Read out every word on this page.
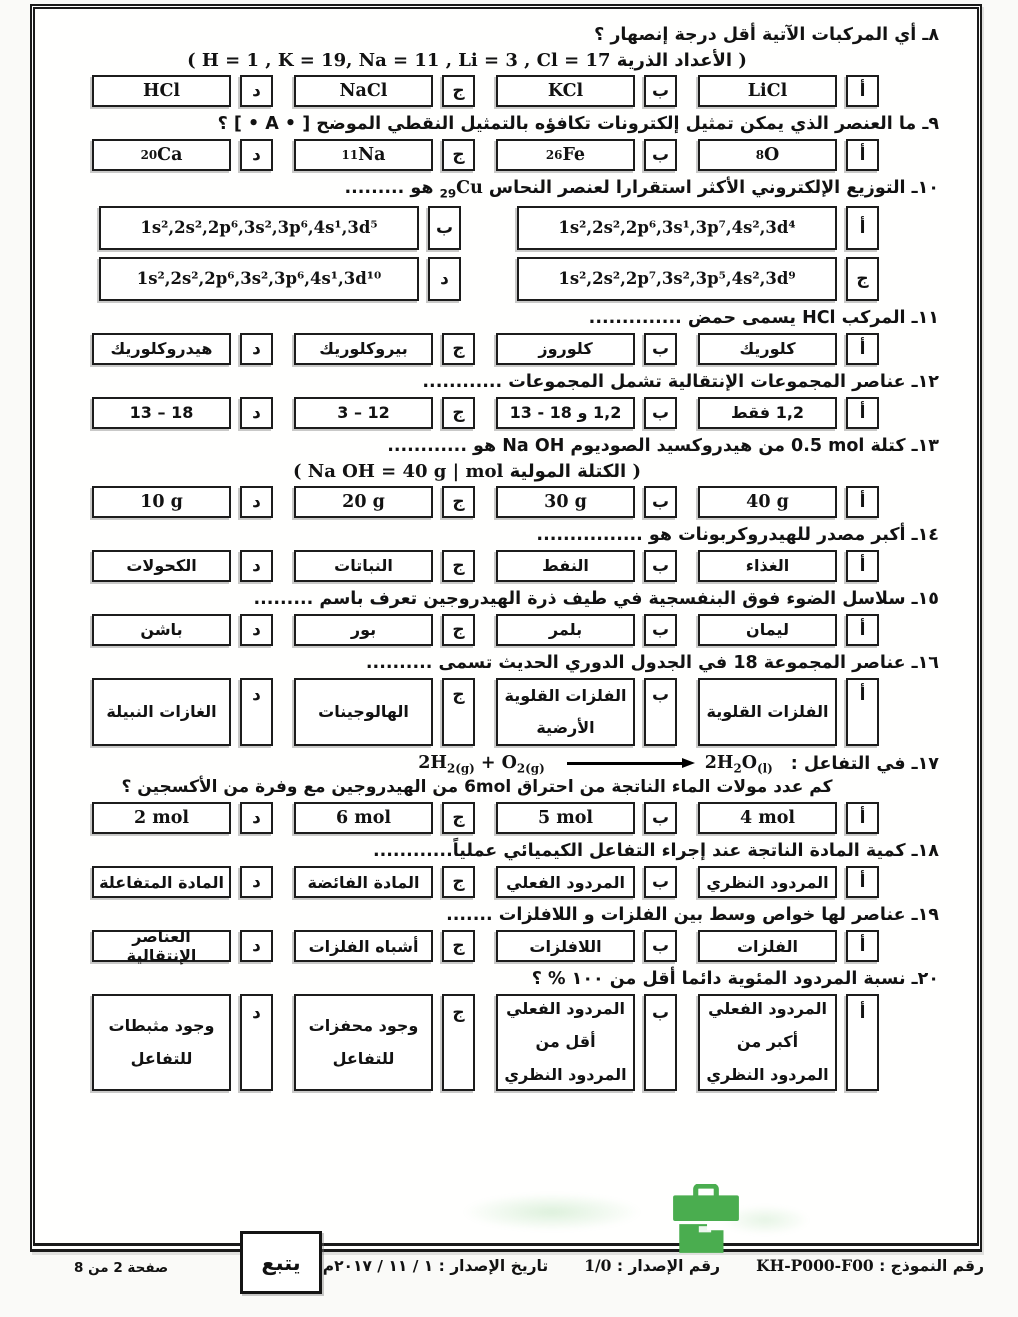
٨ـ أي المركبات الآتية أقل درجة إنصهار ؟
( H = 1 , K = 19, Na = 11 , Li = 3 , Cl = 17 الأعداد الذرية )
أ
LiCl
ب
KCl
ج
NaCl
د
HCl
٩ـ ما العنصر الذي يمكن تمثيل إلكترونات تكافؤه بالتمثيل النقطي الموضح ‪[ • A • ]‬ ؟
أ
8 O
ب
26 Fe
ج
11 Na
د
20 Ca
١٠ـ التوزيع الإلكتروني الأكثر استقرارا لعنصر النحاس $_{29}$Cu هو .........
أ
1s²,2s²,2p⁶,3s¹,3p⁷,4s²,3d⁴
ب
1s²,2s²,2p⁶,3s²,3p⁶,4s¹,3d⁵
ج
1s²,2s²,2p⁷,3s²,3p⁵,4s²,3d⁹
د
1s²,2s²,2p⁶,3s²,3p⁶,4s¹,3d¹⁰
١١ـ المركب HCl يسمى حمض ..............
أ
كلوريك
ب
كلوروز
ج
بيروكلوريك
د
هيدروكلوريك
١٢ـ عناصر المجموعات الإنتقالية تشمل المجموعات ............
أ
1,2 فقط
ب
1,2 و ‪13 - 18‬
ج
‪3 – 12‬
د
‪13 – 18‬
١٣ـ كتلة ‪0.5 mol‬ من هيدروكسيد الصوديوم Na OH هو ............
( Na OH = 40 g | mol الكتلة المولية )
أ
40 g
ب
30 g
ج
20 g
د
10 g
١٤ـ أكبر مصدر للهيدروكربونات هو ................
أ
الغذاء
ب
النفط
ج
النباتات
د
الكحولات
١٥ـ سلاسل الضوء فوق البنفسجية في طيف ذرة الهيدروجين تعرف باسم .........
أ
ليمان
ب
بلمر
ج
بور
د
باشن
١٦ـ عناصر المجموعة 18 في الجدول الدوري الحديث تسمى ..........
أ
الفلزات القلوية
ب
الفلزات القلوية الأرضية
ج
الهالوجينات
د
الغازات النبيلة
١٧ـ في التفاعل :
$2H_2O_{(l)}$
$2H_{2(g)} + O_{2(g)}$
كم عدد مولات الماء الناتجة من احتراق ‪6mol‬ من الهيدروجين مع وفرة من الأكسجين ؟
أ
4 mol
ب
5 mol
ج
6 mol
د
2 mol
١٨ـ كمية المادة الناتجة عند إجراء التفاعل الكيميائي عملياً............
أ
المردود النظري
ب
المردود الفعلي
ج
المادة الفائضة
د
المادة المتفاعلة
١٩ـ عناصر لها خواص وسط بين الفلزات و اللافلزات .......
أ
الفلزات
ب
اللافلزات
ج
أشباه الفلزات
د
العناصر الإنتقالية
٢٠ـ نسبة المردود المئوية دائما أقل من ١٠٠ % ؟
أ
المردود الفعلي أكبر من المردود النظري
ب
المردود الفعلي أقل من المردود النظري
ج
وجود محفزات للتفاعل
د
وجود مثبطات للتفاعل
يتبع	رقم النموذج : KH-P000-F00
رقم الإصدار : 1/0
تاريخ الإصدار : ١ / ١١ / ٢٠١٧م
صفحة 2 من 8
